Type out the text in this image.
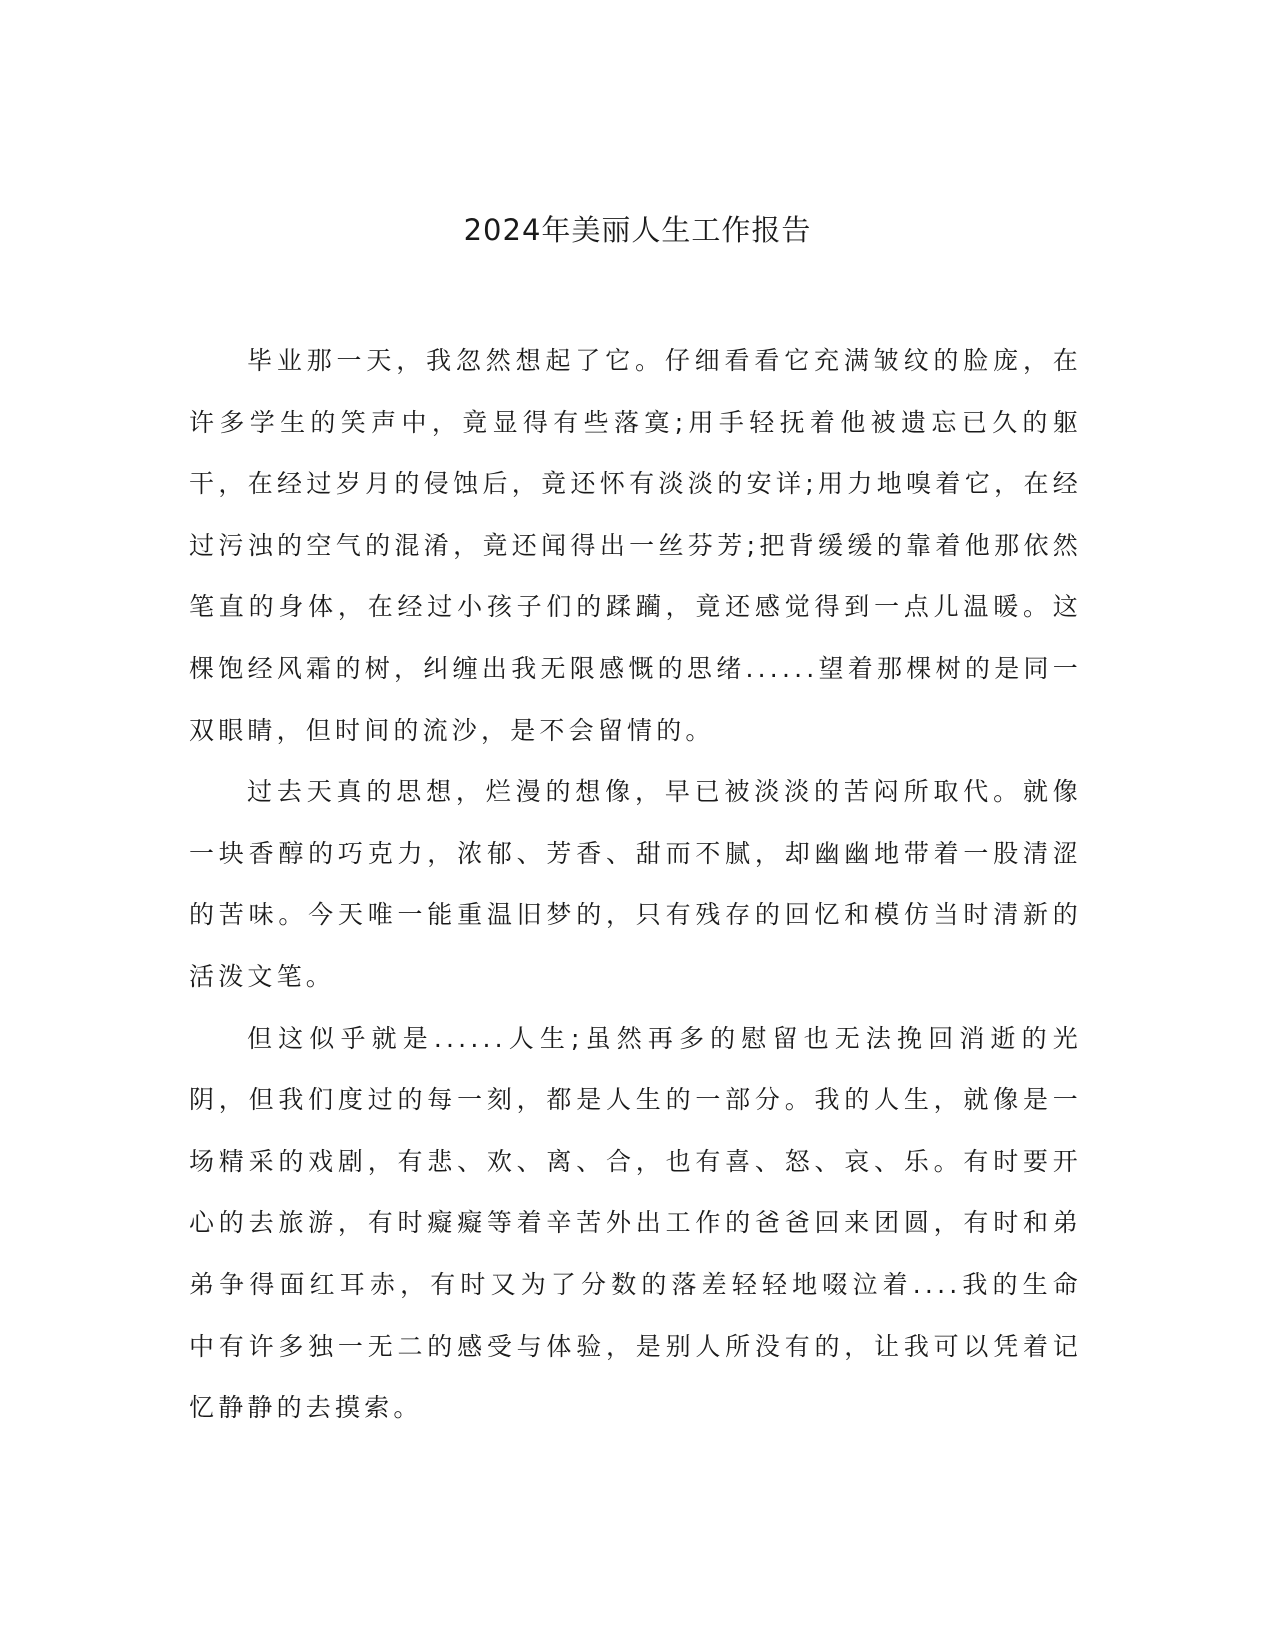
2024年美丽人生工作报告

毕业那一天，我忽然想起了它。仔细看看它充满皱纹的脸庞，在许多学生的笑声中，竟显得有些落寞;用手轻抚着他被遗忘已久的躯干，在经过岁月的侵蚀后，竟还怀有淡淡的安详;用力地嗅着它，在经过污浊的空气的混淆，竟还闻得出一丝芬芳;把背缓缓的靠着他那依然笔直的身体，在经过小孩子们的蹂躏，竟还感觉得到一点儿温暖。这棵饱经风霜的树，纠缠出我无限感慨的思绪......望着那棵树的是同一双眼睛，但时间的流沙，是不会留情的。

过去天真的思想，烂漫的想像，早已被淡淡的苦闷所取代。就像一块香醇的巧克力，浓郁、芳香、甜而不腻，却幽幽地带着一股清涩的苦味。今天唯一能重温旧梦的，只有残存的回忆和模仿当时清新的活泼文笔。

但这似乎就是......人生;虽然再多的慰留也无法挽回消逝的光阴，但我们度过的每一刻，都是人生的一部分。我的人生，就像是一场精采的戏剧，有悲、欢、离、合，也有喜、怒、哀、乐。有时要开心的去旅游，有时癡癡等着辛苦外出工作的爸爸回来团圆，有时和弟弟争得面红耳赤，有时又为了分数的落差轻轻地啜泣着....我的生命中有许多独一无二的感受与体验，是别人所没有的，让我可以凭着记忆静静的去摸索。
